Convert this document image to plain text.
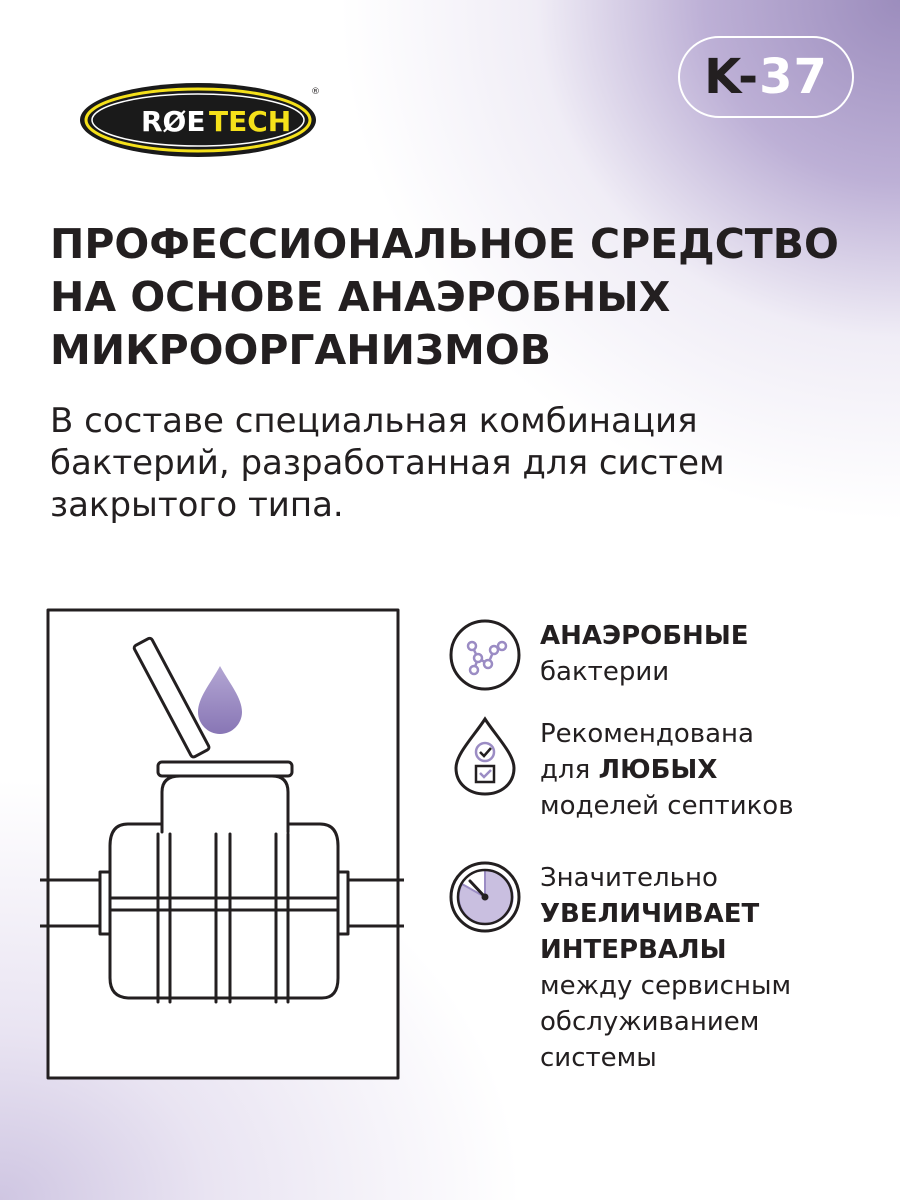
RØE TECH
®	K- 37
ПРОФЕССИОНАЛЬНОЕ СРЕДСТВО
НА ОСНОВЕ АНАЭРОБНЫХ
МИКРООРГАНИЗМОВ

В составе специальная комбинация
бактерий, разработанная для систем
закрытого типа.

АНАЭРОБНЫЕ
бактерии
Рекомендована
для ЛЮБЫХ
моделей септиков
Значительно
УВЕЛИЧИВАЕТ
ИНТЕРВАЛЫ
между сервисным
обслуживанием
системы
